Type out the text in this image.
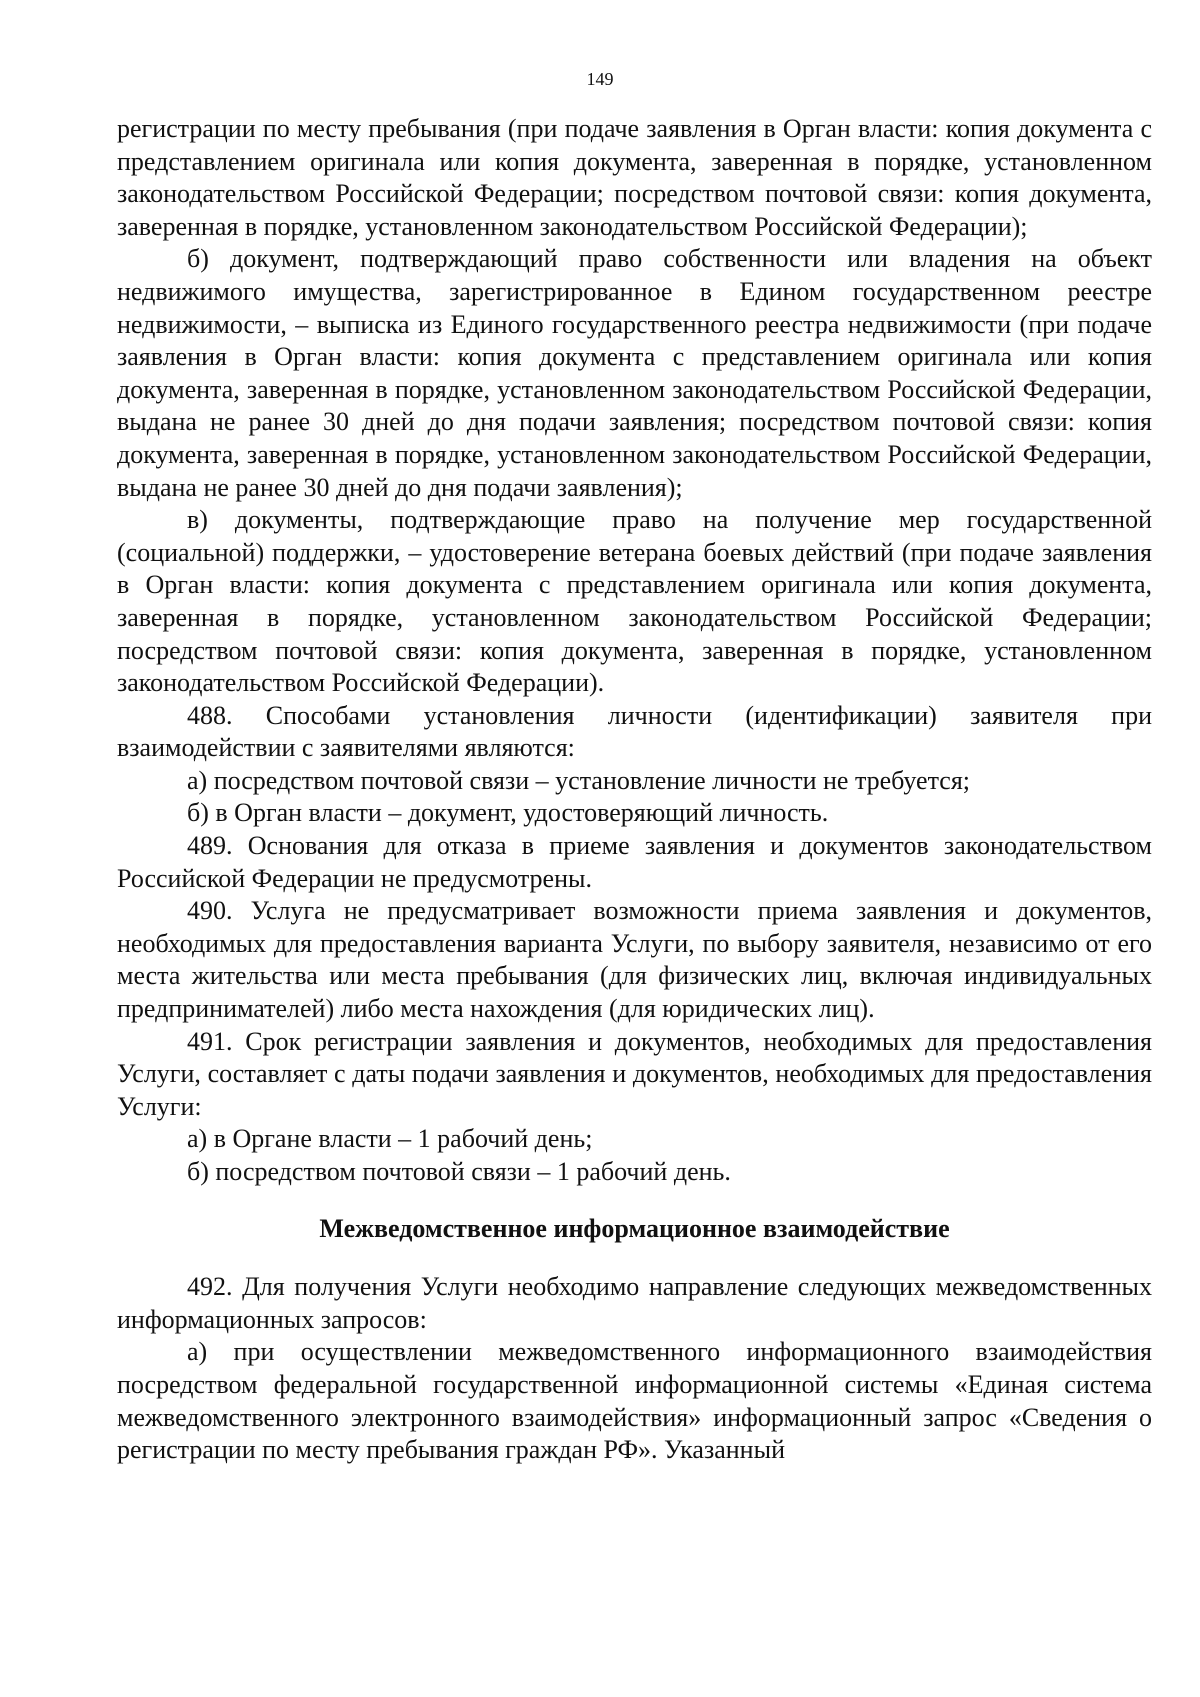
149

регистрации по месту пребывания (при подаче заявления в Орган власти: копия документа с представлением оригинала или копия документа, заверенная в порядке, установленном законодательством Российской Федерации; посредством почтовой связи: копия документа, заверенная в порядке, установленном законодательством Российской Федерации);

б) документ, подтверждающий право собственности или владения на объект недвижимого имущества, зарегистрированное в Едином государственном реестре недвижимости, – выписка из Единого государственного реестра недвижимости (при подаче заявления в Орган власти: копия документа с представлением оригинала или копия документа, заверенная в порядке, установленном законодательством Российской Федерации, выдана не ранее 30 дней до дня подачи заявления; посредством почтовой связи: копия документа, заверенная в порядке, установленном законодательством Российской Федерации, выдана не ранее 30 дней до дня подачи заявления);

в) документы, подтверждающие право на получение мер государственной (социальной) поддержки, – удостоверение ветерана боевых действий (при подаче заявления в Орган власти: копия документа с представлением оригинала или копия документа, заверенная в порядке, установленном законодательством Российской Федерации; посредством почтовой связи: копия документа, заверенная в порядке, установленном законодательством Российской Федерации).

488. Способами установления личности (идентификации) заявителя при взаимодействии с заявителями являются:

а) посредством почтовой связи – установление личности не требуется;

б) в Орган власти – документ, удостоверяющий личность.

489. Основания для отказа в приеме заявления и документов законодательством Российской Федерации не предусмотрены.

490. Услуга не предусматривает возможности приема заявления и документов, необходимых для предоставления варианта Услуги, по выбору заявителя, независимо от его места жительства или места пребывания (для физических лиц, включая индивидуальных предпринимателей) либо места нахождения (для юридических лиц).

491. Срок регистрации заявления и документов, необходимых для предоставления Услуги, составляет с даты подачи заявления и документов, необходимых для предоставления Услуги:

а) в Органе власти – 1 рабочий день;

б) посредством почтовой связи – 1 рабочий день.

Межведомственное информационное взаимодействие

492. Для получения Услуги необходимо направление следующих межведомственных информационных запросов:

а) при осуществлении межведомственного информационного взаимодействия посредством федеральной государственной информационной системы «Единая система межведомственного электронного взаимодействия» информационный запрос «Сведения о регистрации по месту пребывания граждан РФ». Указанный
